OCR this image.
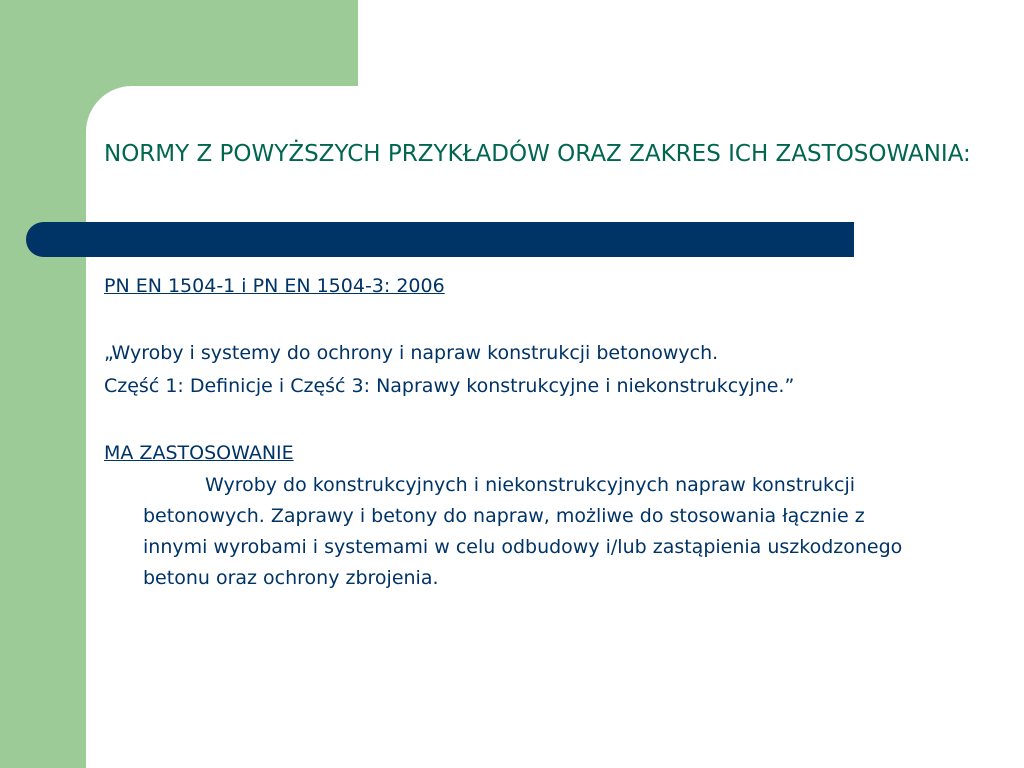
NORMY Z POWYŻSZYCH PRZYKŁADÓW ORAZ ZAKRES ICH ZASTOSOWANIA:

PN EN 1504-1 i PN EN 1504-3: 2006

„Wyroby i systemy do ochrony i napraw konstrukcji betonowych.

Część 1: Definicje i Część 3: Naprawy konstrukcyjne i niekonstrukcyjne.”

MA ZASTOSOWANIE

Wyroby do konstrukcyjnych i niekonstrukcyjnych napraw konstrukcji betonowych. Zaprawy i betony do napraw, możliwe do stosowania łącznie z innymi wyrobami i systemami w celu odbudowy i/lub zastąpienia uszkodzonego betonu oraz ochrony zbrojenia.
